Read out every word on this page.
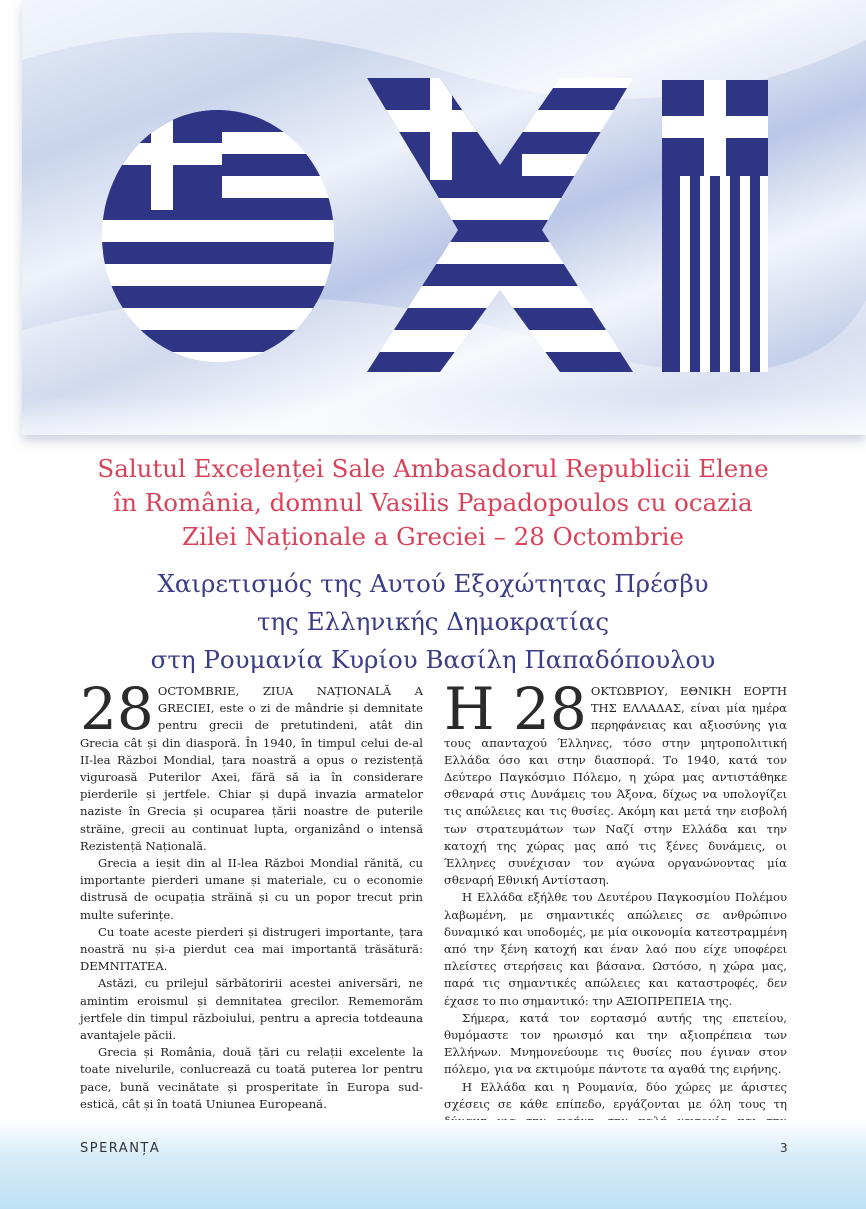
Salutul Excelenței Sale Ambasadorul Republicii Elene
în România, domnul Vasilis Papadopoulos cu ocazia
Zilei Naționale a Greciei – 28 Octombrie
Χαιρετισμός της Αυτού Εξοχώτητας Πρέσβυ
της Ελληνικής Δημοκρατίας
στη Ρουμανία Κυρίου Βασίλη Παπαδόπουλου
28 OCTOMBRIE, ZIUA NAȚIONALĂ A GRECIEI, este o zi de mândrie și demnitate pentru grecii de pretutindeni, atât din Grecia cât și din diasporă. În 1940, în timpul celui de-al II-lea Război Mondial, țara noastră a opus o rezistență viguroasă Puterilor Axei, fără să ia în considerare pierderile și jertfele. Chiar și după invazia armatelor naziste în Grecia și ocuparea țării noastre de puterile străine, grecii au continuat lupta, organizând o intensă Rezistență Națională.

Grecia a ieșit din al II-lea Război Mondial rănită, cu importante pierderi umane și materiale, cu o economie distrusă de ocupația străină și cu un popor trecut prin multe suferințe.

Cu toate aceste pierderi și distrugeri importante, țara noastră nu și-a pierdut cea mai importantă trăsătură: DEMNITATEA.

Astăzi, cu prilejul sărbătoririi acestei aniversări, ne amintim eroismul și demnitatea grecilor. Rememorăm jertfele din timpul războiului, pentru a aprecia totdeauna avantajele păcii.

Grecia și România, două țări cu relații excelente la toate nivelurile, conlucrează cu toată puterea lor pentru pace, bună vecinătate și prosperitate în Europa sud-estică, cât și în toată Uniunea Europeană.

Η 28 ΟΚΤΩΒΡΙΟΥ, ΕΘΝΙΚΗ ΕΟΡΤΗ ΤΗΣ ΕΛΛΑΔΑΣ, είναι μία ημέρα περηφάνειας και αξιοσύνης για τους απανταχού Έλληνες, τόσο στην μητροπολιτική Ελλάδα όσο και στην διασπορά. Το 1940, κατά τον Δεύτερο Παγκόσμιο Πόλεμο, η χώρα μας αντιστάθηκε σθεναρά στις Δυνάμεις του Άξονα, δίχως να υπολογίζει τις απώλειες και τις θυσίες. Ακόμη και μετά την εισβολή των στρατευμάτων των Ναζί στην Ελλάδα και την κατοχή της χώρας μας από τις ξένες δυνάμεις, οι Έλληνες συνέχισαν τον αγώνα οργανώνοντας μία σθεναρή Εθνική Αντίσταση.

Η Ελλάδα εξήλθε του Δευτέρου Παγκοσμίου Πολέμου λαβωμένη, με σημαντικές απώλειες σε ανθρώπινο δυναμικό και υποδομές, με μία οικονομία κατεστραμμένη από την ξένη κατοχή και έναν λαό που είχε υποφέρει πλείστες στερήσεις και βάσανα. Ωστόσο, η χώρα μας, παρά τις σημαντικές απώλειες και καταστροφές, δεν έχασε το πιο σημαντικό: την ΑΞΙΟΠΡΕΠΕΙΑ της.

Σήμερα, κατά τον εορτασμό αυτής της επετείου, θυμόμαστε τον ηρωισμό και την αξιοπρέπεια των Ελλήνων. Μνημονεύουμε τις θυσίες που έγιναν στον πόλεμο, για να εκτιμούμε πάντοτε τα αγαθά της ειρήνης.

Η Ελλάδα και η Ρουμανία, δύο χώρες με άριστες σχέσεις σε κάθε επίπεδο, εργάζονται με όλη τους τη

SPERANȚA	3
